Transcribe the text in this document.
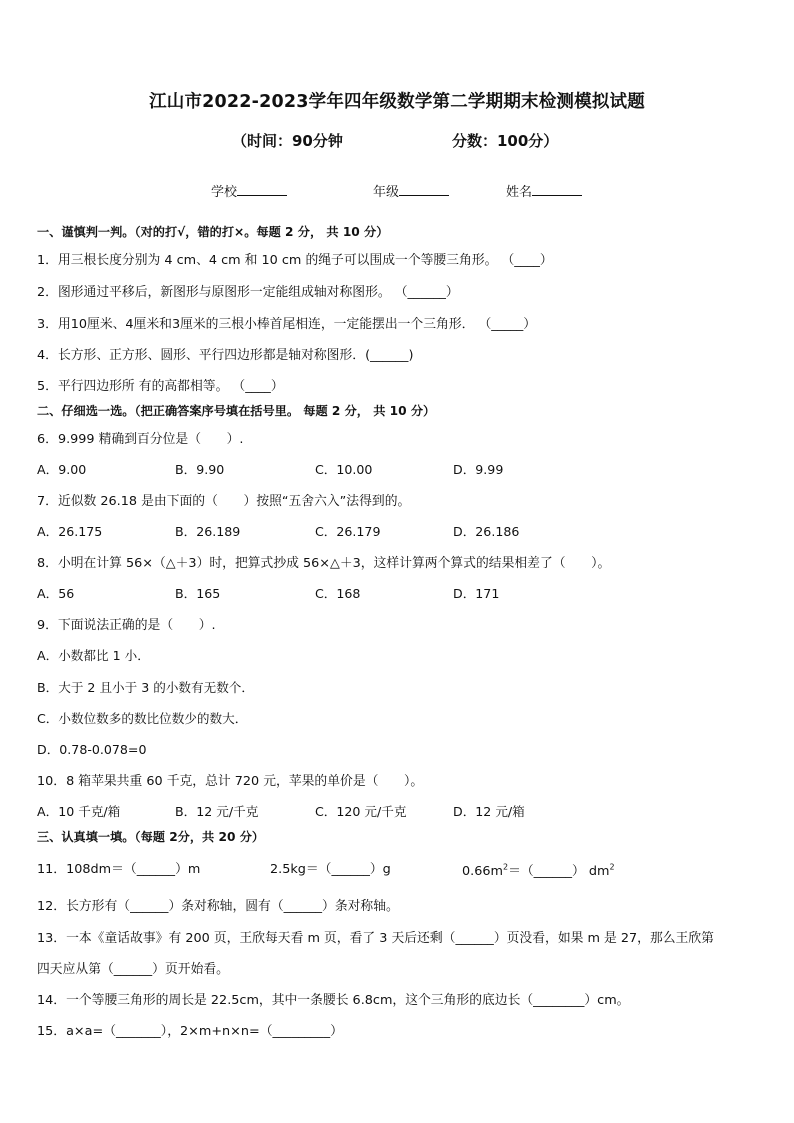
江山市2022-2023学年四年级数学第二学期期末检测模拟试题
（时间：90分钟	分数：100分）
学校	年级	姓名
一、谨慎判一判。（对的打√，错的打×。每题 2 分， 共 10 分）
1．用三根长度分别为 4 cm、4 cm 和 10 cm 的绳子可以围成一个等腰三角形。 （____）
2．图形通过平移后，新图形与原图形一定能组成轴对称图形。 （______）
3．用10厘米、4厘米和3厘米的三根小棒首尾相连，一定能摆出一个三角形． （_____）
4．长方形、正方形、圆形、平行四边形都是轴对称图形．(______)
5．平行四边形所 有的高都相等。 （____）
二、仔细选一选。（把正确答案序号填在括号里。 每题 2 分， 共 10 分）
6．9.999 精确到百分位是（　　）.
A．9.00	B．9.90	C．10.00	D．9.99
7．近似数 26.18 是由下面的（　　）按照“五舍六入”法得到的。
A．26.175	B．26.189	C．26.179	D．26.186
8．小明在计算 56×（△＋3）时，把算式抄成 56×△＋3，这样计算两个算式的结果相差了（　　）。
A．56	B．165	C．168	D．171
9．下面说法正确的是（　　）.
A．小数都比 1 小．
B．大于 2 且小于 3 的小数有无数个．
C．小数位数多的数比位数少的数大．
D．0.78-0.078=0
10．8 箱苹果共重 60 千克，总计 720 元，苹果的单价是（　　）。
A．10 千克/箱	B．12 元/千克	C．120 元/千克	D．12 元/箱
三、认真填一填。（每题 2分，共 20 分）
11．108dm＝（______）m	2.5kg＝（______）g	$0.66m^2=(\_\_\_\_\_\_)$ $dm^2$
12．长方形有（______）条对称轴，圆有（______）条对称轴。
13．一本《童话故事》有 200 页，王欣每天看 m 页，看了 3 天后还剩（______）页没看，如果 m 是 27，那么王欣第
四天应从第（______）页开始看。
14．一个等腰三角形的周长是 22.5cm，其中一条腰长 6.8cm，这个三角形的底边长（________）cm。
15．a×a=（_______），2×m+n×n=（_________）
